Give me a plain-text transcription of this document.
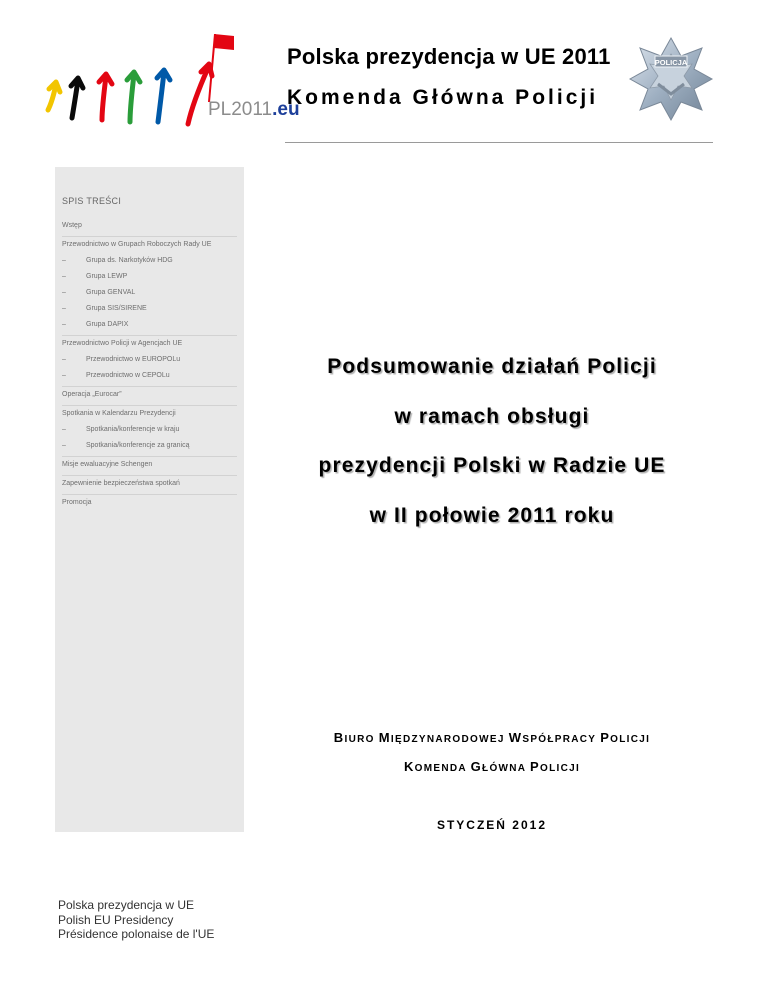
PL2011.eu
Polska prezydencja w UE 2011
Komenda Główna Policji
POLICJA
SPIS TREŚCI
Wstęp
Przewodnictwo w Grupach Roboczych Rady UE
–	Grupa ds. Narkotyków HDG
–	Grupa LEWP
–	Grupa GENVAL
–	Grupa SIS/SIRENE
–	Grupa DAPIX
Przewodnictwo Policji w Agencjach UE
–	Przewodnictwo w EUROPOLu
–	Przewodnictwo w CEPOLu
Operacja „Eurocar”
Spotkania w Kalendarzu Prezydencji
–	Spotkania/konferencje w kraju
–	Spotkania/konferencje za granicą
Misje ewaluacyjne Schengen
Zapewnienie bezpieczeństwa spotkań
Promocja
Podsumowanie działań Policji
w ramach obsługi
prezydencji Polski w Radzie UE
w II połowie 2011 roku
BIURO MIĘDZYNARODOWEJ WSPÓŁPRACY POLICJI
KOMENDA GŁÓWNA POLICJI
STYCZEŃ 2012
Polska prezydencja w UE
Polish EU Presidency
Présidence polonaise de l'UE
